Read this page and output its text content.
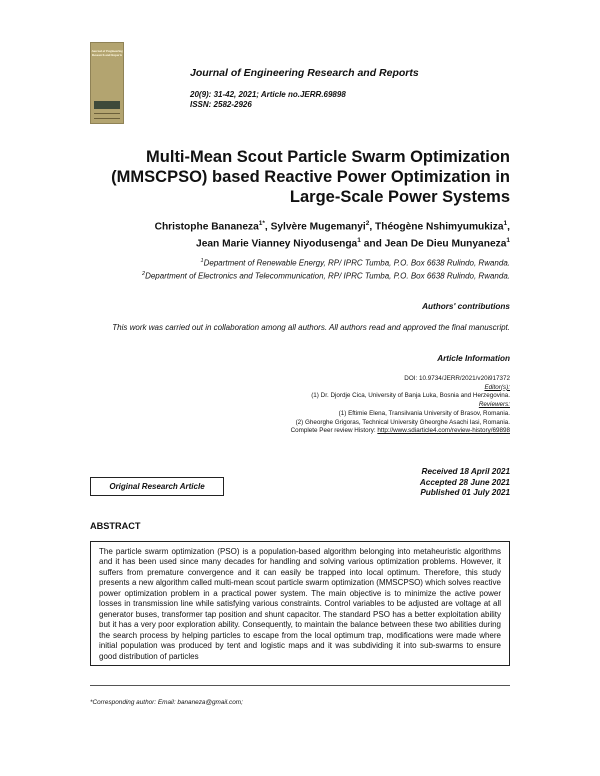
Journal of Engineering Research and Reports
Journal of Engineering Research and Reports
20(9): 31-42, 2021; Article no.JERR.69898
ISSN: 2582-2926
Multi-Mean Scout Particle Swarm Optimization
(MMSCPSO) based Reactive Power Optimization in
Large-Scale Power Systems
Christophe Bananeza$^{1*}$, Sylvère Mugemanyi$^2$, Théogène Nshimyumukiza$^1$,
Jean Marie Vianney Niyodusenga$^1$ and Jean De Dieu Munyaneza$^1$
$^1$Department of Renewable Energy, RP/ IPRC Tumba, P.O. Box 6638 Rulindo, Rwanda.
$^2$Department of Electronics and Telecommunication, RP/ IPRC Tumba, P.O. Box 6638 Rulindo, Rwanda.
Authors' contributions
This work was carried out in collaboration among all authors. All authors read and approved the final manuscript.
Article Information
DOI: 10.9734/JERR/2021/v20i917372
Editor(s):
(1) Dr. Djordje Cica, University of Banja Luka, Bosnia and Herzegovina.
Reviewers:
(1) Eftimie Elena, Transilvania University of Brasov, Romania.
(2) Gheorghe Grigoras, Technical University Gheorghe Asachi Iasi, Romania.
Complete Peer review History: http://www.sdiarticle4.com/review-history/69898
Original Research Article
Received 18 April 2021
Accepted 28 June 2021
Published 01 July 2021
ABSTRACT

The particle swarm optimization (PSO) is a population-based algorithm belonging into metaheuristic algorithms and it has been used since many decades for handling and solving various optimization problems. However, it suffers from premature convergence and it can easily be trapped into local optimum. Therefore, this study presents a new algorithm called multi-mean scout particle swarm optimization (MMSCPSO) which solves reactive power optimization problem in a practical power system. The main objective is to minimize the active power losses in transmission line while satisfying various constraints. Control variables to be adjusted are voltage at all generator buses, transformer tap position and shunt capacitor. The standard PSO has a better exploitation ability but it has a very poor exploration ability. Consequently, to maintain the balance between these two abilities during the search process by helping particles to escape from the local optimum trap, modifications were made where initial population was produced by tent and logistic maps and it was subdividing it into sub-swarms to ensure good distribution of particles

*Corresponding author: Email: bananeza@gmail.com;
